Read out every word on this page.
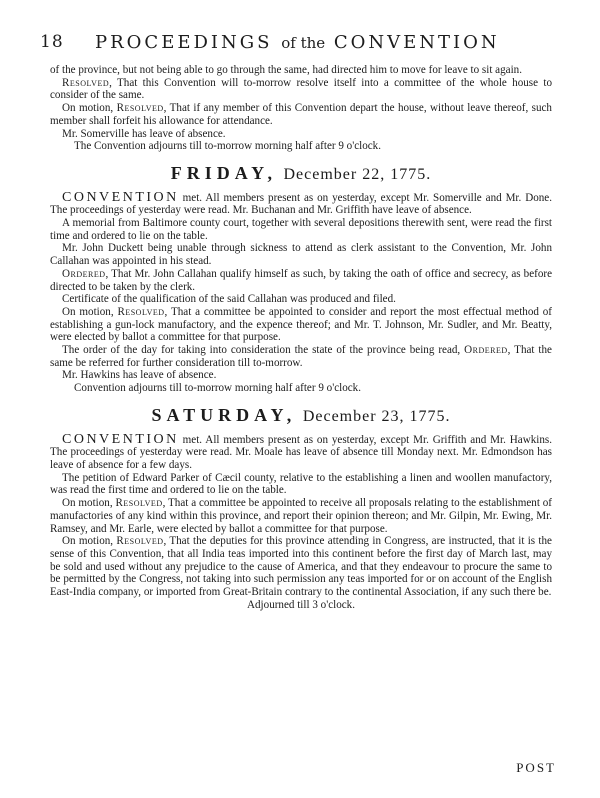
18 PROCEEDINGS of the CONVENTION

of the province, but not being able to go through the same, had directed him to move for leave to sit again.

Resolved, That this Convention will to-morrow resolve itself into a committee of the whole house to consider of the same.

On motion, Resolved, That if any member of this Convention depart the house, without leave thereof, such member shall forfeit his allowance for attendance.

Mr. Somerville has leave of absence.

The Convention adjourns till to-morrow morning half after 9 o'clock.

FRIDAY, December 22, 1775.

CONVENTION met. All members present as on yesterday, except Mr. Somerville and Mr. Done. The proceedings of yesterday were read. Mr. Buchanan and Mr. Griffith have leave of absence.

A memorial from Baltimore county court, together with several depositions therewith sent, were read the first time and ordered to lie on the table.

Mr. John Duckett being unable through sickness to attend as clerk assistant to the Convention, Mr. John Callahan was appointed in his stead.

Ordered, That Mr. John Callahan qualify himself as such, by taking the oath of office and secrecy, as before directed to be taken by the clerk.

Certificate of the qualification of the said Callahan was produced and filed.

On motion, Resolved, That a committee be appointed to consider and report the most effectual method of establishing a gun-lock manufactory, and the expence thereof; and Mr. T. Johnson, Mr. Sudler, and Mr. Beatty, were elected by ballot a committee for that purpose.

The order of the day for taking into consideration the state of the province being read, Ordered, That the same be referred for further consideration till to-morrow.

Mr. Hawkins has leave of absence.

Convention adjourns till to-morrow morning half after 9 o'clock.

SATURDAY, December 23, 1775.

CONVENTION met. All members present as on yesterday, except Mr. Griffith and Mr. Hawkins. The proceedings of yesterday were read. Mr. Moale has leave of absence till Monday next. Mr. Edmondson has leave of absence for a few days.

The petition of Edward Parker of Cæcil county, relative to the establishing a linen and woollen manufactory, was read the first time and ordered to lie on the table.

On motion, Resolved, That a committee be appointed to receive all proposals relating to the establishment of manufactories of any kind within this province, and report their opinion thereon; and Mr. Gilpin, Mr. Ewing, Mr. Ramsey, and Mr. Earle, were elected by ballot a committee for that purpose.

On motion, Resolved, That the deputies for this province attending in Congress, are instructed, that it is the sense of this Convention, that all India teas imported into this continent before the first day of March last, may be sold and used without any prejudice to the cause of America, and that they endeavour to procure the same to be permitted by the Congress, not taking into such permission any teas imported for or on account of the English East-India company, or imported from Great-Britain contrary to the continental Association, if any such there be.

Adjourned till 3 o'clock.

POST
